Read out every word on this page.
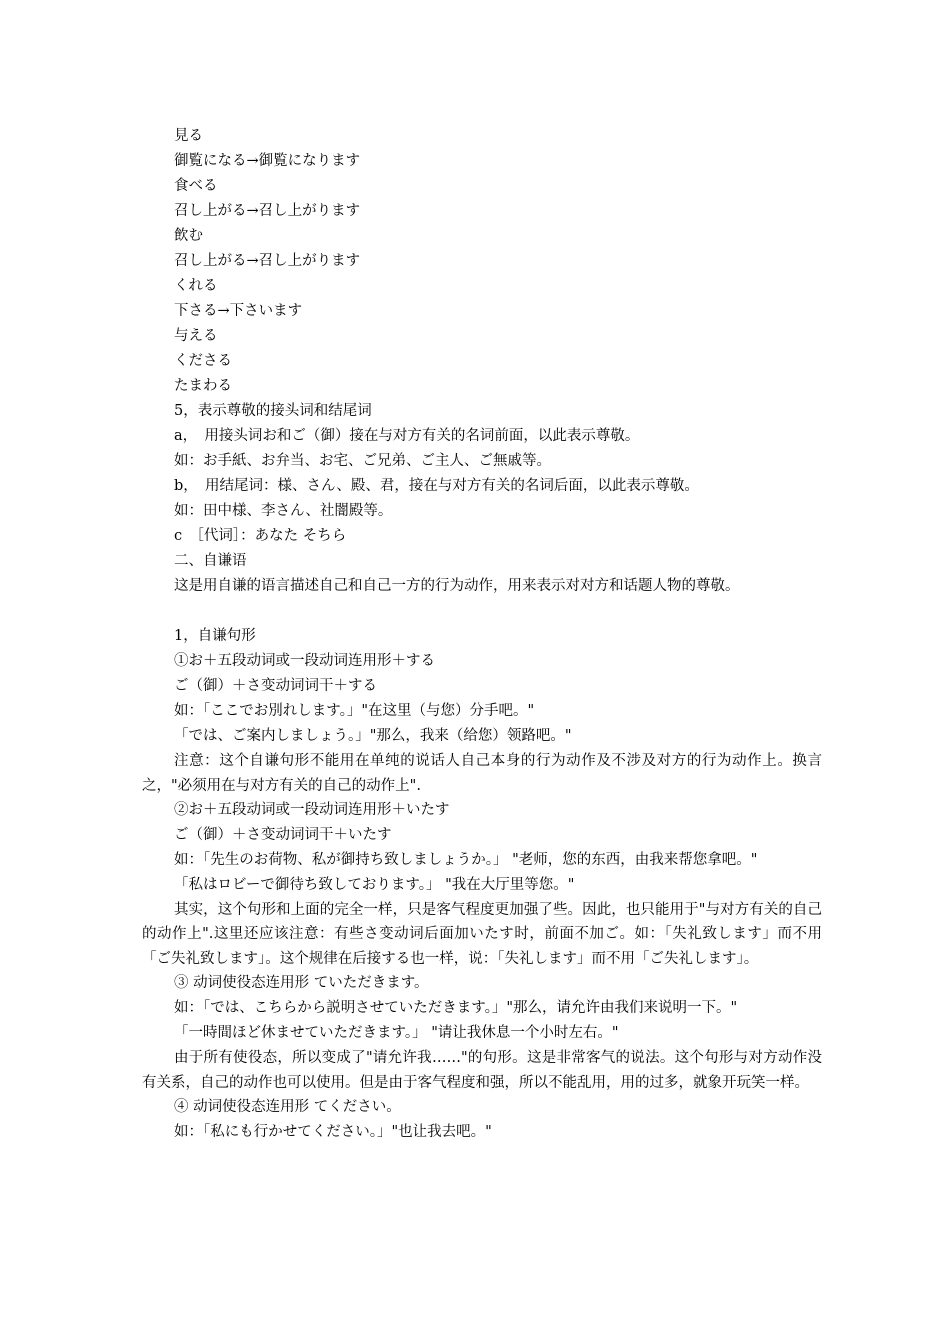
見る
御覧になる→御覧になります
食べる
召し上がる→召し上がります
飲む
召し上がる→召し上がります
くれる
下さる→下さいます
与える
くださる
たまわる
5，表示尊敬的接头词和结尾词
a，　用接头词お和ご（御）接在与对方有关的名词前面，以此表示尊敬。
如：お手紙、お弁当、お宅、ご兄弟、ご主人、ご無戚等。
b，　用结尾词：様、さん、殿、君，接在与对方有关的名词后面，以此表示尊敬。
如：田中様、李さん、社闇殿等。
c　［代词］：あなた そちら
二、自谦语
这是用自谦的语言描述自己和自己一方的行为动作，用来表示对对方和话题人物的尊敬。
1，自谦句形
①お＋五段动词或一段动词连用形＋する
ご（御）＋さ变动词词干＋する
如：「ここでお別れします。」"在这里（与您）分手吧。"
「では、ご案内しましょう。」"那么，我来（给您）领路吧。"
注意：这个自谦句形不能用在单纯的说话人自己本身的行为动作及不涉及对方的行为动作上。换言之，"必须用在与对方有关的自己的动作上".
②お＋五段动词或一段动词连用形＋いたす
ご（御）＋さ变动词词干＋いたす
如：「先生のお荷物、私が御持ち致しましょうか。」 "老师，您的东西，由我来帮您拿吧。"
「私はロビーで御待ち致しております。」 "我在大厅里等您。"
其实，这个句形和上面的完全一样，只是客气程度更加强了些。因此，也只能用于"与对方有关的自己的动作上".这里还应该注意：有些さ变动词后面加いたす时，前面不加ご。如：「失礼致します」而不用「ご失礼致します」。这个规律在后接する也一样，说：「失礼します」而不用「ご失礼します」。
③ 动词使役态连用形 ていただきます。
如：「では、こちらから説明させていただきます。」"那么，请允许由我们来说明一下。"
「一時間ほど休ませていただきます。」 "请让我休息一个小时左右。"
由于所有使役态，所以变成了"请允许我……"的句形。这是非常客气的说法。这个句形与对方动作没有关系，自己的动作也可以使用。但是由于客气程度和强，所以不能乱用，用的过多，就象开玩笑一样。
④ 动词使役态连用形 てください。
如：「私にも行かせてください。」"也让我去吧。"
